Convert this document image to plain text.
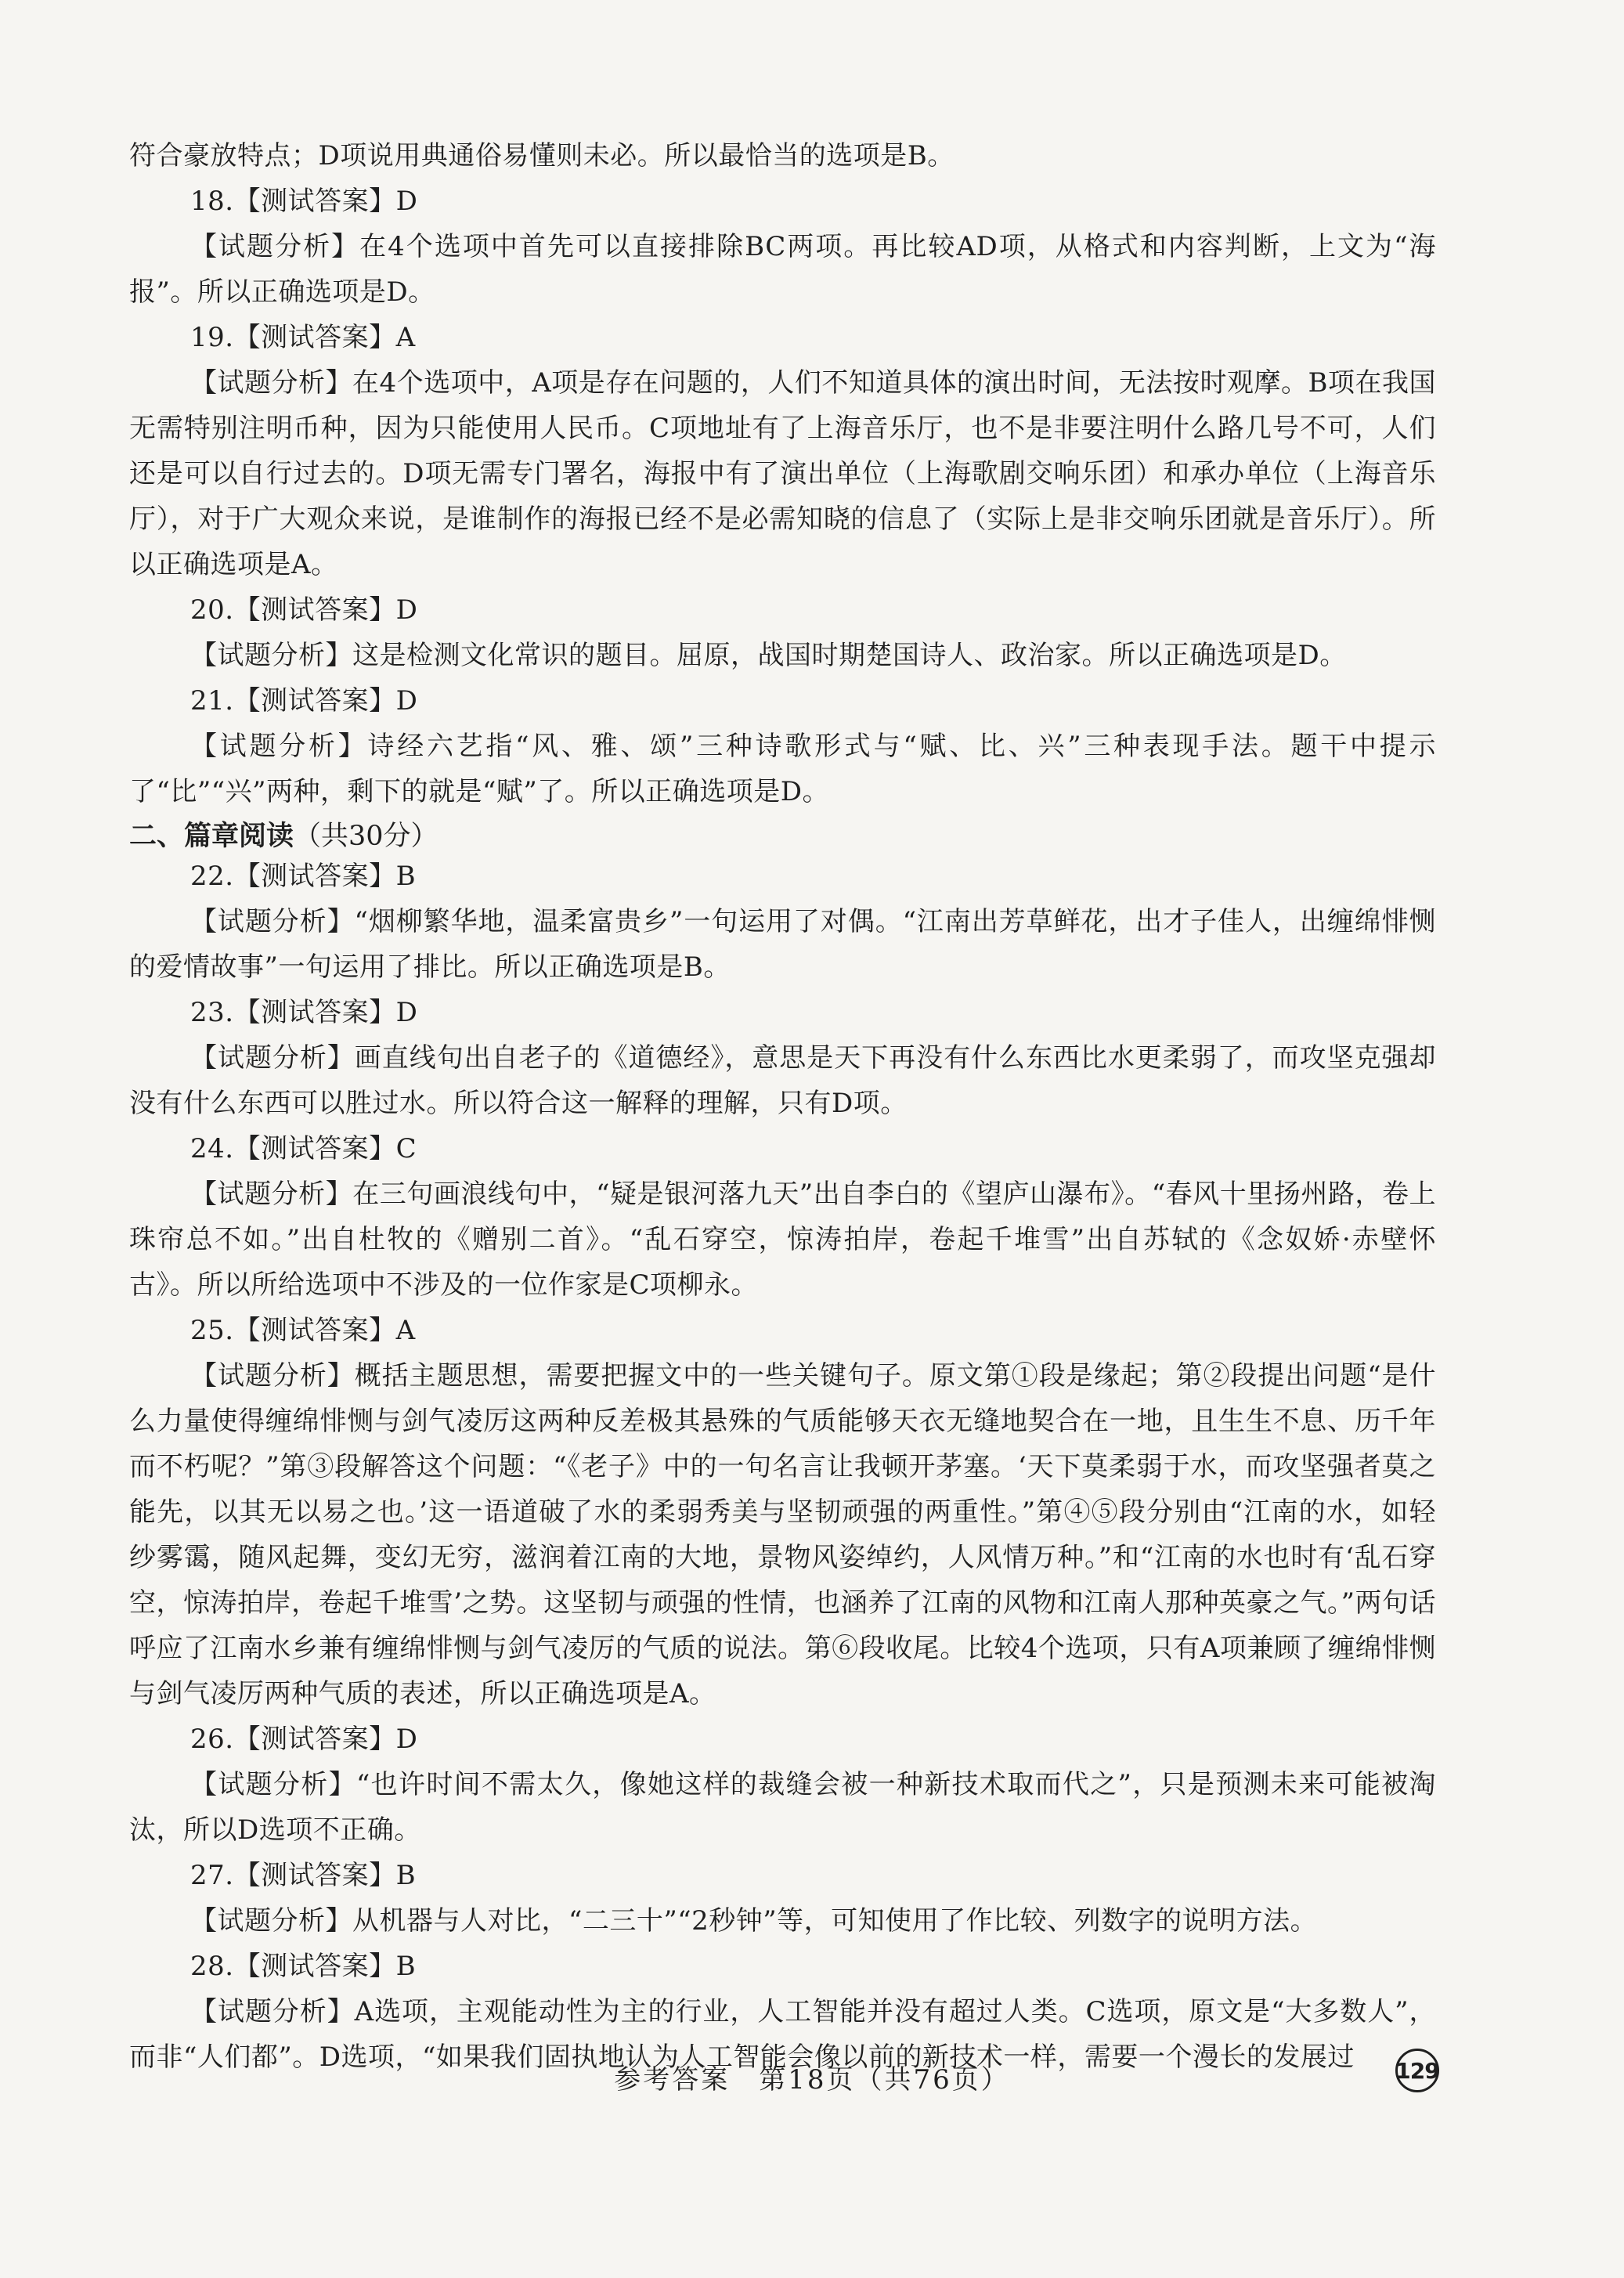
符合豪放特点；D项说用典通俗易懂则未必。所以最恰当的选项是B。

18.【测试答案】D

【试题分析】在4个选项中首先可以直接排除BC两项。再比较AD项，从格式和内容判断，上文为“海报”。所以正确选项是D。

19.【测试答案】A

【试题分析】在4个选项中，A项是存在问题的，人们不知道具体的演出时间，无法按时观摩。B项在我国无需特别注明币种，因为只能使用人民币。C项地址有了上海音乐厅，也不是非要注明什么路几号不可，人们还是可以自行过去的。D项无需专门署名，海报中有了演出单位（上海歌剧交响乐团）和承办单位（上海音乐厅），对于广大观众来说，是谁制作的海报已经不是必需知晓的信息了（实际上是非交响乐团就是音乐厅）。所以正确选项是A。

20.【测试答案】D

【试题分析】这是检测文化常识的题目。屈原，战国时期楚国诗人、政治家。所以正确选项是D。

21.【测试答案】D

【试题分析】诗经六艺指“风、雅、颂”三种诗歌形式与“赋、比、兴”三种表现手法。题干中提示了“比”“兴”两种，剩下的就是“赋”了。所以正确选项是D。

二、篇章阅读（共30分）

22.【测试答案】B

【试题分析】“烟柳繁华地，温柔富贵乡”一句运用了对偶。“江南出芳草鲜花，出才子佳人，出缠绵悱恻的爱情故事”一句运用了排比。所以正确选项是B。

23.【测试答案】D

【试题分析】画直线句出自老子的《道德经》，意思是天下再没有什么东西比水更柔弱了，而攻坚克强却没有什么东西可以胜过水。所以符合这一解释的理解，只有D项。

24.【测试答案】C

【试题分析】在三句画浪线句中，“疑是银河落九天”出自李白的《望庐山瀑布》。“春风十里扬州路，卷上珠帘总不如。”出自杜牧的《赠别二首》。“乱石穿空，惊涛拍岸，卷起千堆雪”出自苏轼的《念奴娇·赤壁怀古》。所以所给选项中不涉及的一位作家是C项柳永。

25.【测试答案】A

【试题分析】概括主题思想，需要把握文中的一些关键句子。原文第①段是缘起；第②段提出问题“是什么力量使得缠绵悱恻与剑气凌厉这两种反差极其悬殊的气质能够天衣无缝地契合在一地，且生生不息、历千年而不朽呢？”第③段解答这个问题：“《老子》中的一句名言让我顿开茅塞。‘天下莫柔弱于水，而攻坚强者莫之能先，以其无以易之也。’这一语道破了水的柔弱秀美与坚韧顽强的两重性。”第④⑤段分别由“江南的水，如轻纱雾霭，随风起舞，变幻无穷，滋润着江南的大地，景物风姿绰约，人风情万种。”和“江南的水也时有‘乱石穿空，惊涛拍岸，卷起千堆雪’之势。这坚韧与顽强的性情，也涵养了江南的风物和江南人那种英豪之气。”两句话呼应了江南水乡兼有缠绵悱恻与剑气凌厉的气质的说法。第⑥段收尾。比较4个选项，只有A项兼顾了缠绵悱恻与剑气凌厉两种气质的表述，所以正确选项是A。

26.【测试答案】D

【试题分析】“也许时间不需太久，像她这样的裁缝会被一种新技术取而代之”，只是预测未来可能被淘汰，所以D选项不正确。

27.【测试答案】B

【试题分析】从机器与人对比，“二三十”“2秒钟”等，可知使用了作比较、列数字的说明方法。

28.【测试答案】B

【试题分析】A选项，主观能动性为主的行业，人工智能并没有超过人类。C选项，原文是“大多数人”，而非“人们都”。D选项，“如果我们固执地认为人工智能会像以前的新技术一样，需要一个漫长的发展过

参考答案　第18页（共76页）	129
